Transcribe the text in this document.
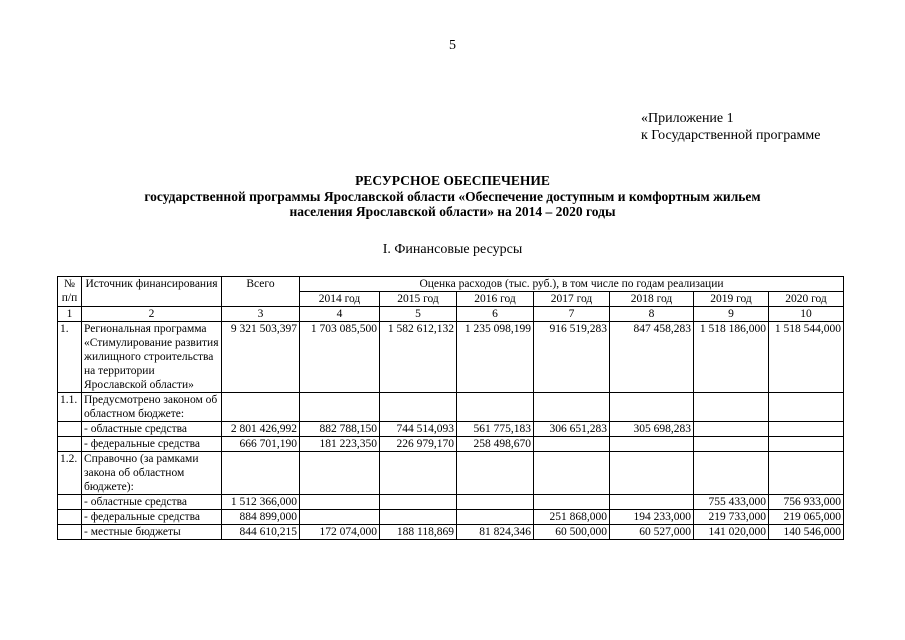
5
«Приложение 1
к Государственной программе
РЕСУРСНОЕ ОБЕСПЕЧЕНИЕ
государственной программы Ярославской области «Обеспечение доступным и комфортным жильем
населения Ярославской области» на 2014 – 2020 годы
I. Финансовые ресурсы
№ п/п	Источник финансирования	Всего	Оценка расходов (тыс. руб.), в том числе по годам реализации						
			2014 год	2015 год	2016 год	2017 год	2018 год	2019 год	2020 год
1	2	3	4	5	6	7	8	9	10
1.	Региональная программа «Стимулирование развития жилищного строительства на территории Ярославской области»	9 321 503,397	1 703 085,500	1 582 612,132	1 235 098,199	916 519,283	847 458,283	1 518 186,000	1 518 544,000
1.1.	Предусмотрено законом об областном бюджете:								
	- областные средства	2 801 426,992	882 788,150	744 514,093	561 775,183	306 651,283	305 698,283		
	- федеральные средства	666 701,190	181 223,350	226 979,170	258 498,670				
1.2.	Справочно (за рамками закона об областном бюджете):								
	- областные средства	1 512 366,000						755 433,000	756 933,000
	- федеральные средства	884 899,000				251 868,000	194 233,000	219 733,000	219 065,000
	- местные бюджеты	844 610,215	172 074,000	188 118,869	81 824,346	60 500,000	60 527,000	141 020,000	140 546,000
